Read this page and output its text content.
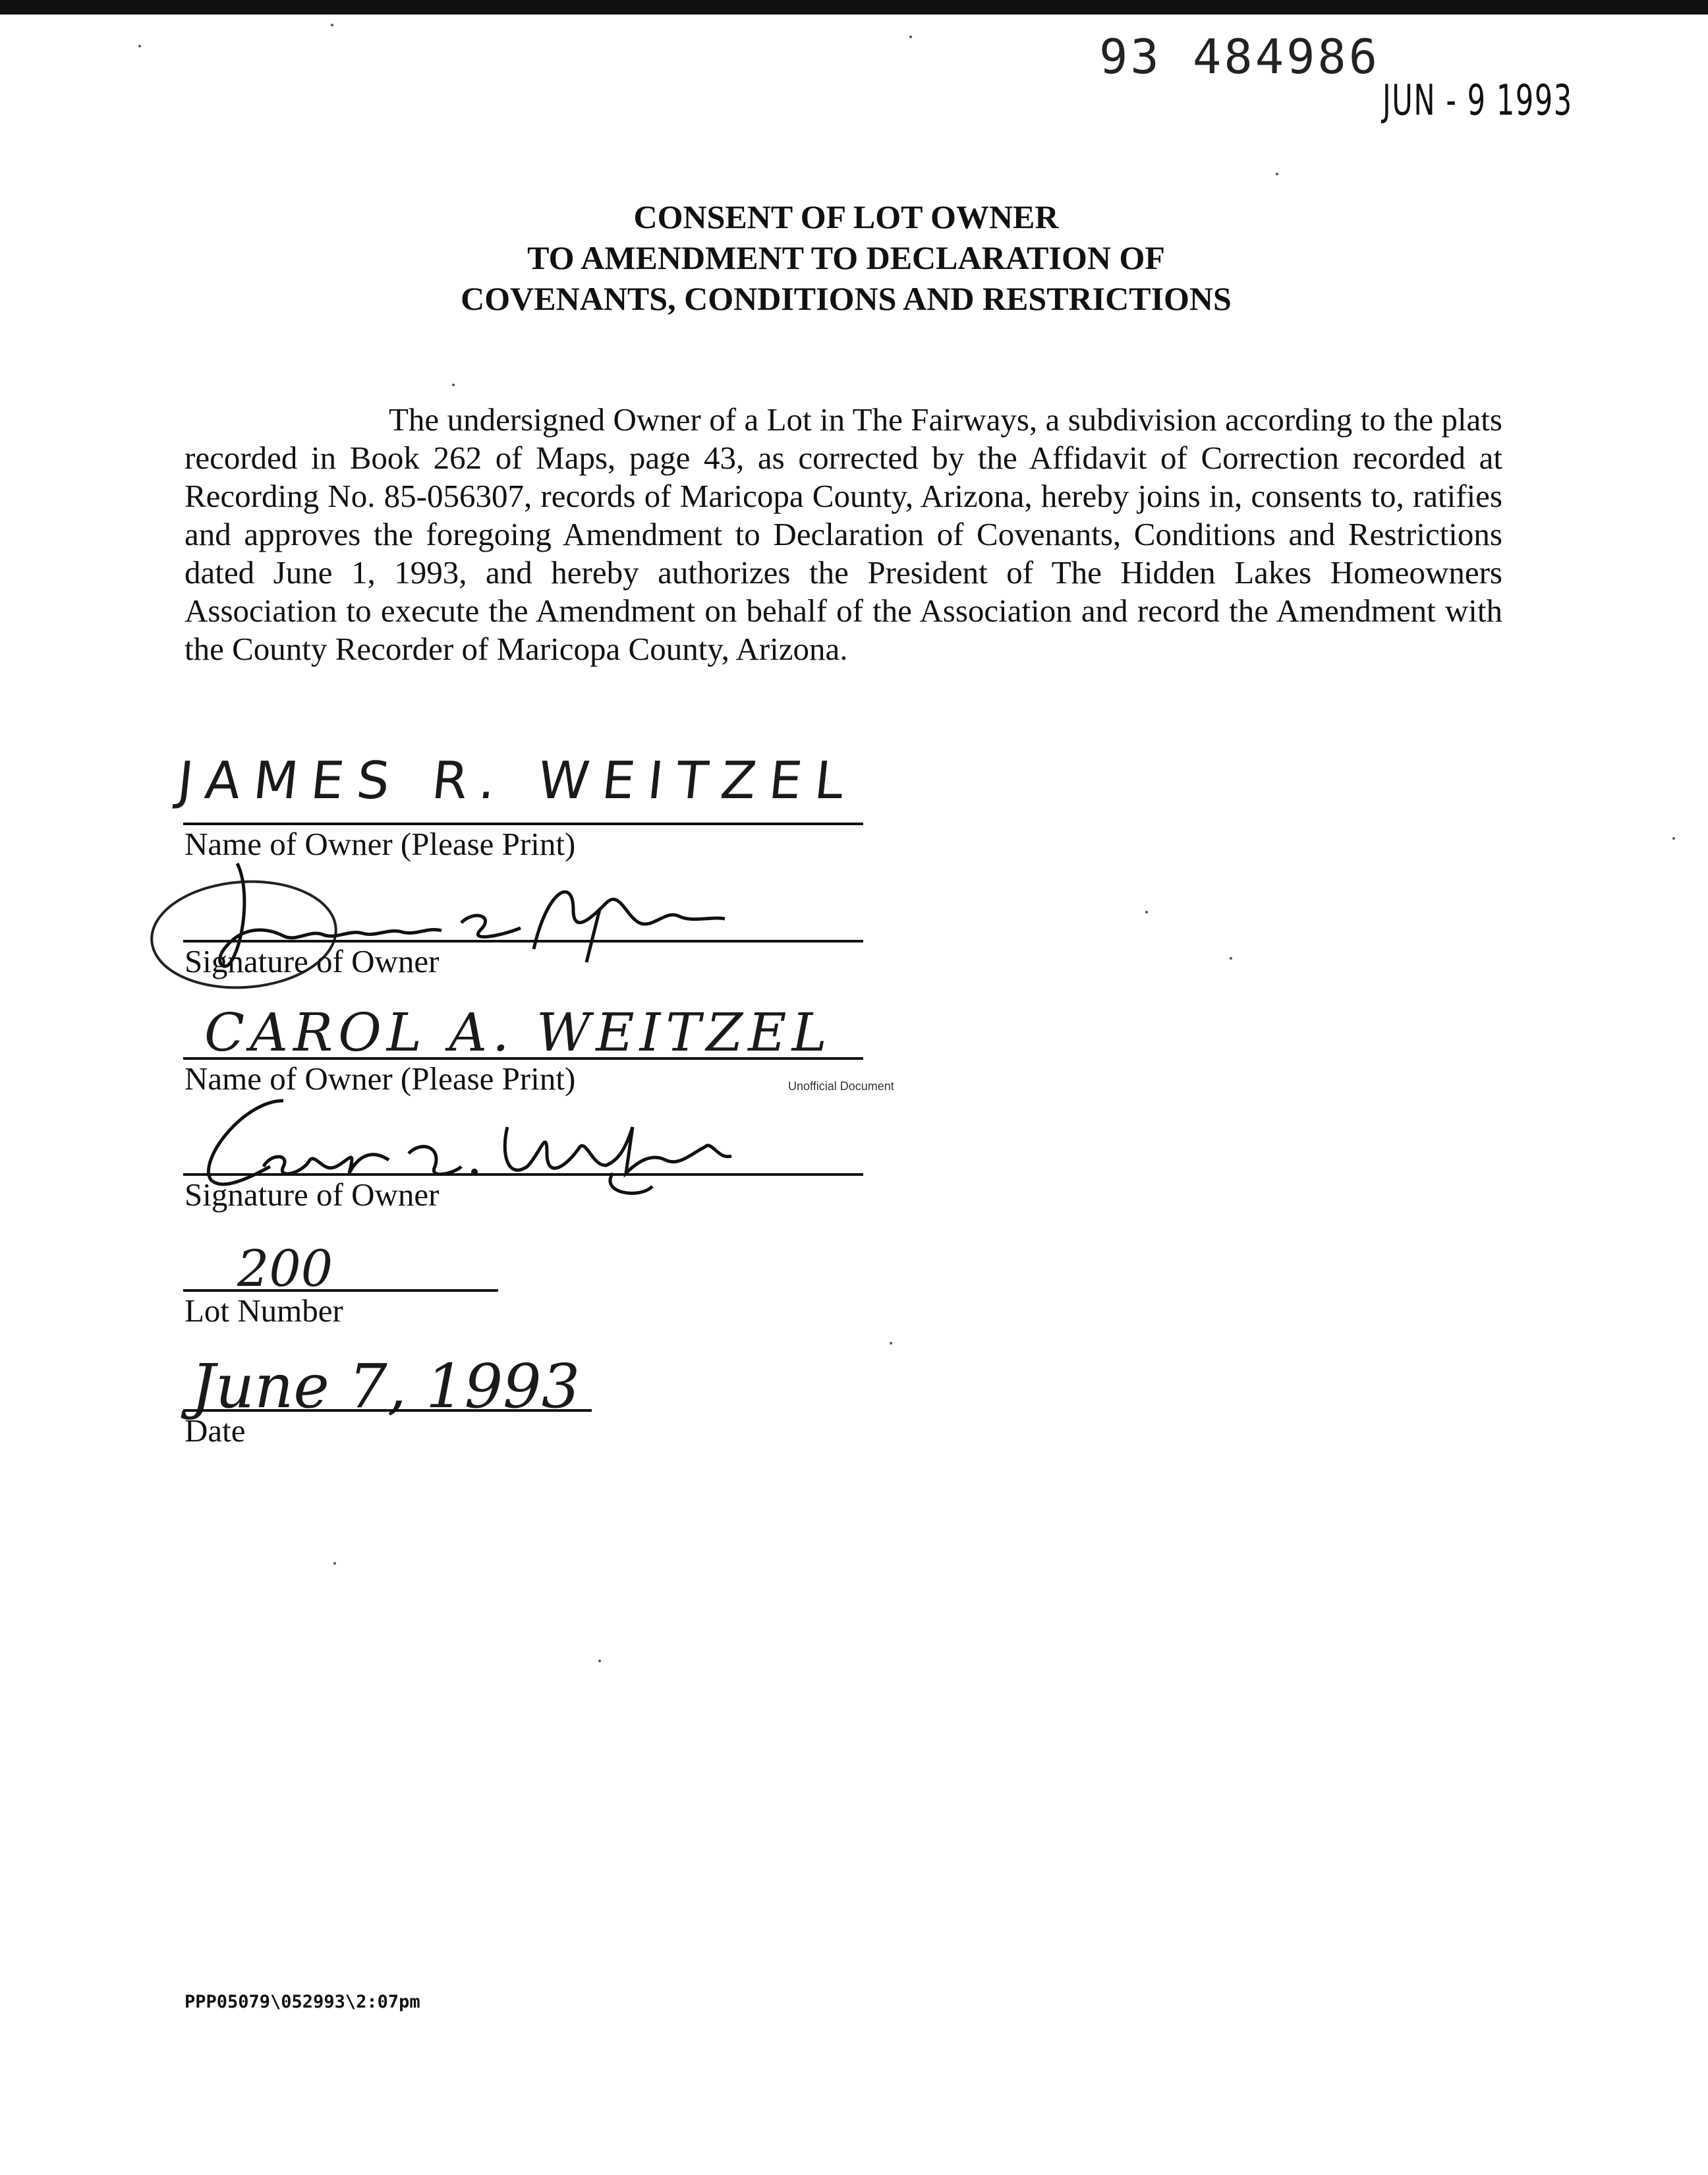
93 484986
JUN - 9 1993
CONSENT OF LOT OWNER
TO AMENDMENT TO DECLARATION OF
COVENANTS, CONDITIONS AND RESTRICTIONS
The undersigned Owner of a Lot in The Fairways, a subdivision according to the plats recorded in Book 262 of Maps, page 43, as corrected by the Affidavit of Correction recorded at Recording No. 85-056307, records of Maricopa County, Arizona, hereby joins in, consents to, ratifies and approves the foregoing Amendment to Declaration of Covenants, Conditions and Restrictions dated June 1, 1993, and hereby authorizes the President of The Hidden Lakes Homeowners Association to execute the Amendment on behalf of the Association and record the Amendment with the County Recorder of Maricopa County, Arizona.
JAMES R. WEITZEL
Name of Owner (Please Print)
Signature of Owner
CAROL A. WEITZEL
Name of Owner (Please Print)	Unofficial Document
Signature of Owner
200
Lot Number
June 7, 1993
Date
PPP05079\052993\2:07pm
